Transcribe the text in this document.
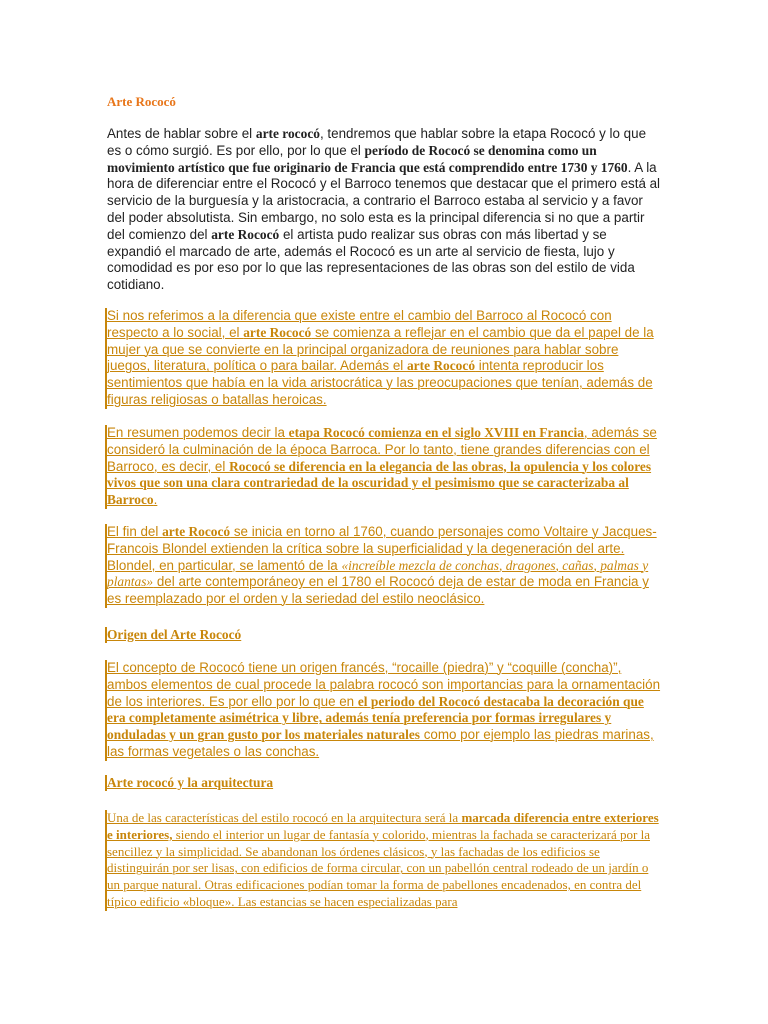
Arte Rococó

Antes de hablar sobre el arte rococó, tendremos que hablar sobre la etapa Rococó y lo que es o cómo surgió. Es por ello, por lo que el período de Rococó se denomina como un movimiento artístico que fue originario de Francia que está comprendido entre 1730 y 1760. A la hora de diferenciar entre el Rococó y el Barroco tenemos que destacar que el primero está al servicio de la burguesía y la aristocracia, a contrario el Barroco estaba al servicio y a favor del poder absolutista. Sin embargo, no solo esta es la principal diferencia si no que a partir del comienzo del arte Rococó el artista pudo realizar sus obras con más libertad y se expandió el marcado de arte, además el Rococó es un arte al servicio de fiesta, lujo y comodidad es por eso por lo que las representaciones de las obras son del estilo de vida cotidiano.

Si nos referimos a la diferencia que existe entre el cambio del Barroco al Rococó con respecto a lo social, el arte Rococó se comienza a reflejar en el cambio que da el papel de la mujer ya que se convierte en la principal organizadora de reuniones para hablar sobre juegos, literatura, política o para bailar. Además el arte Rococó intenta reproducir los sentimientos que había en la vida aristocrática y las preocupaciones que tenían, además de figuras religiosas o batallas heroicas.

En resumen podemos decir la etapa Rococó comienza en el siglo XVIII en Francia, además se consideró la culminación de la época Barroca. Por lo tanto, tiene grandes diferencias con el Barroco, es decir, el Rococó se diferencia en la elegancia de las obras, la opulencia y los colores vivos que son una clara contrariedad de la oscuridad y el pesimismo que se caracterizaba al Barroco.

El fin del arte Rococó se inicia en torno al 1760, cuando personajes como Voltaire y Jacques-Francois Blondel extienden la crítica sobre la superficialidad y la degeneración del arte. Blondel, en particular, se lamentó de la «increíble mezcla de conchas, dragones, cañas, palmas y plantas» del arte contemporáneoy en el 1780 el Rococó deja de estar de moda en Francia y es reemplazado por el orden y la seriedad del estilo neoclásico.

Origen del Arte Rococó

El concepto de Rococó tiene un origen francés, “rocaille (piedra)” y “coquille (concha)”, ambos elementos de cual procede la palabra rococó son importancias para la ornamentación de los interiores. Es por ello por lo que en el periodo del Rococó destacaba la decoración que era completamente asimétrica y libre, además tenía preferencia por formas irregulares y onduladas y un gran gusto por los materiales naturales como por ejemplo las piedras marinas, las formas vegetales o las conchas.

Arte rococó y la arquitectura

Una de las características del estilo rococó en la arquitectura será la marcada diferencia entre exteriores e interiores, siendo el interior un lugar de fantasía y colorido, mientras la fachada se caracterizará por la sencillez y la simplicidad. Se abandonan los órdenes clásicos, y las fachadas de los edificios se distinguirán por ser lisas, con edificios de forma circular, con un pabellón central rodeado de un jardín o un parque natural. Otras edificaciones podían tomar la forma de pabellones encadenados, en contra del típico edificio «bloque». Las estancias se hacen especializadas para
